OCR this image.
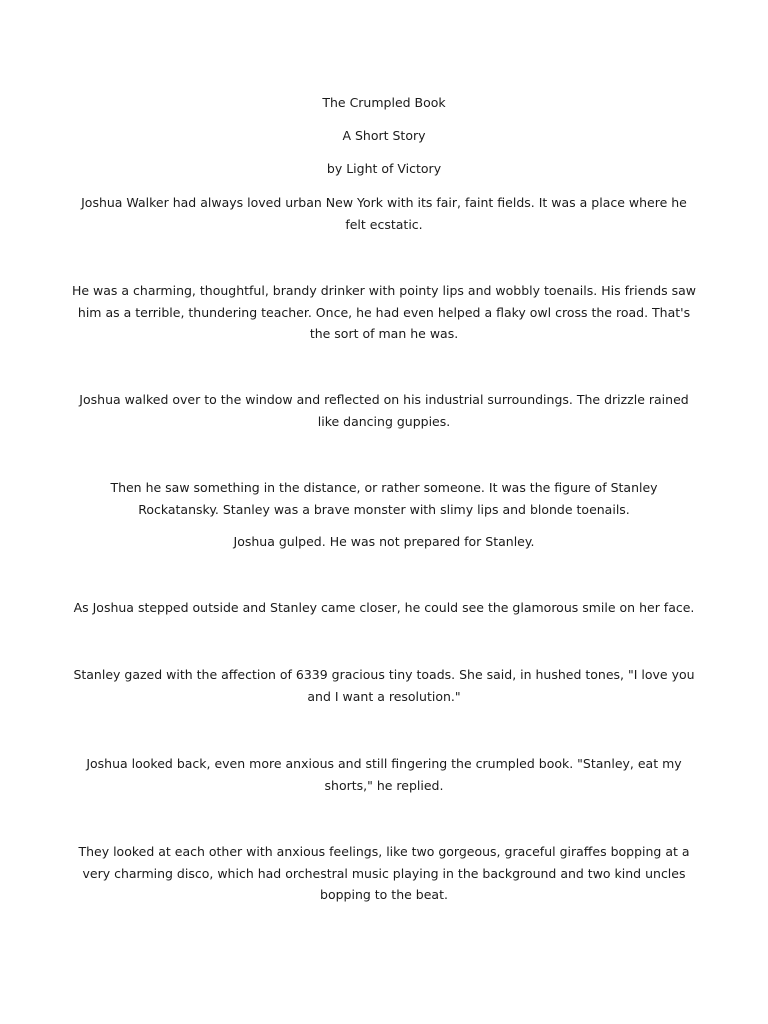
The Crumpled Book

A Short Story

by Light of Victory

Joshua Walker had always loved urban New York with its fair, faint fields. It was a place where he felt ecstatic.

He was a charming, thoughtful, brandy drinker with pointy lips and wobbly toenails. His friends saw him as a terrible, thundering teacher. Once, he had even helped a flaky owl cross the road. That's the sort of man he was.

Joshua walked over to the window and reflected on his industrial surroundings. The drizzle rained like dancing guppies.

Then he saw something in the distance, or rather someone. It was the figure of Stanley Rockatansky. Stanley was a brave monster with slimy lips and blonde toenails.

Joshua gulped. He was not prepared for Stanley.

As Joshua stepped outside and Stanley came closer, he could see the glamorous smile on her face.

Stanley gazed with the affection of 6339 gracious tiny toads. She said, in hushed tones, "I love you and I want a resolution."

Joshua looked back, even more anxious and still fingering the crumpled book. "Stanley, eat my shorts," he replied.

They looked at each other with anxious feelings, like two gorgeous, graceful giraffes bopping at a very charming disco, which had orchestral music playing in the background and two kind uncles bopping to the beat.
